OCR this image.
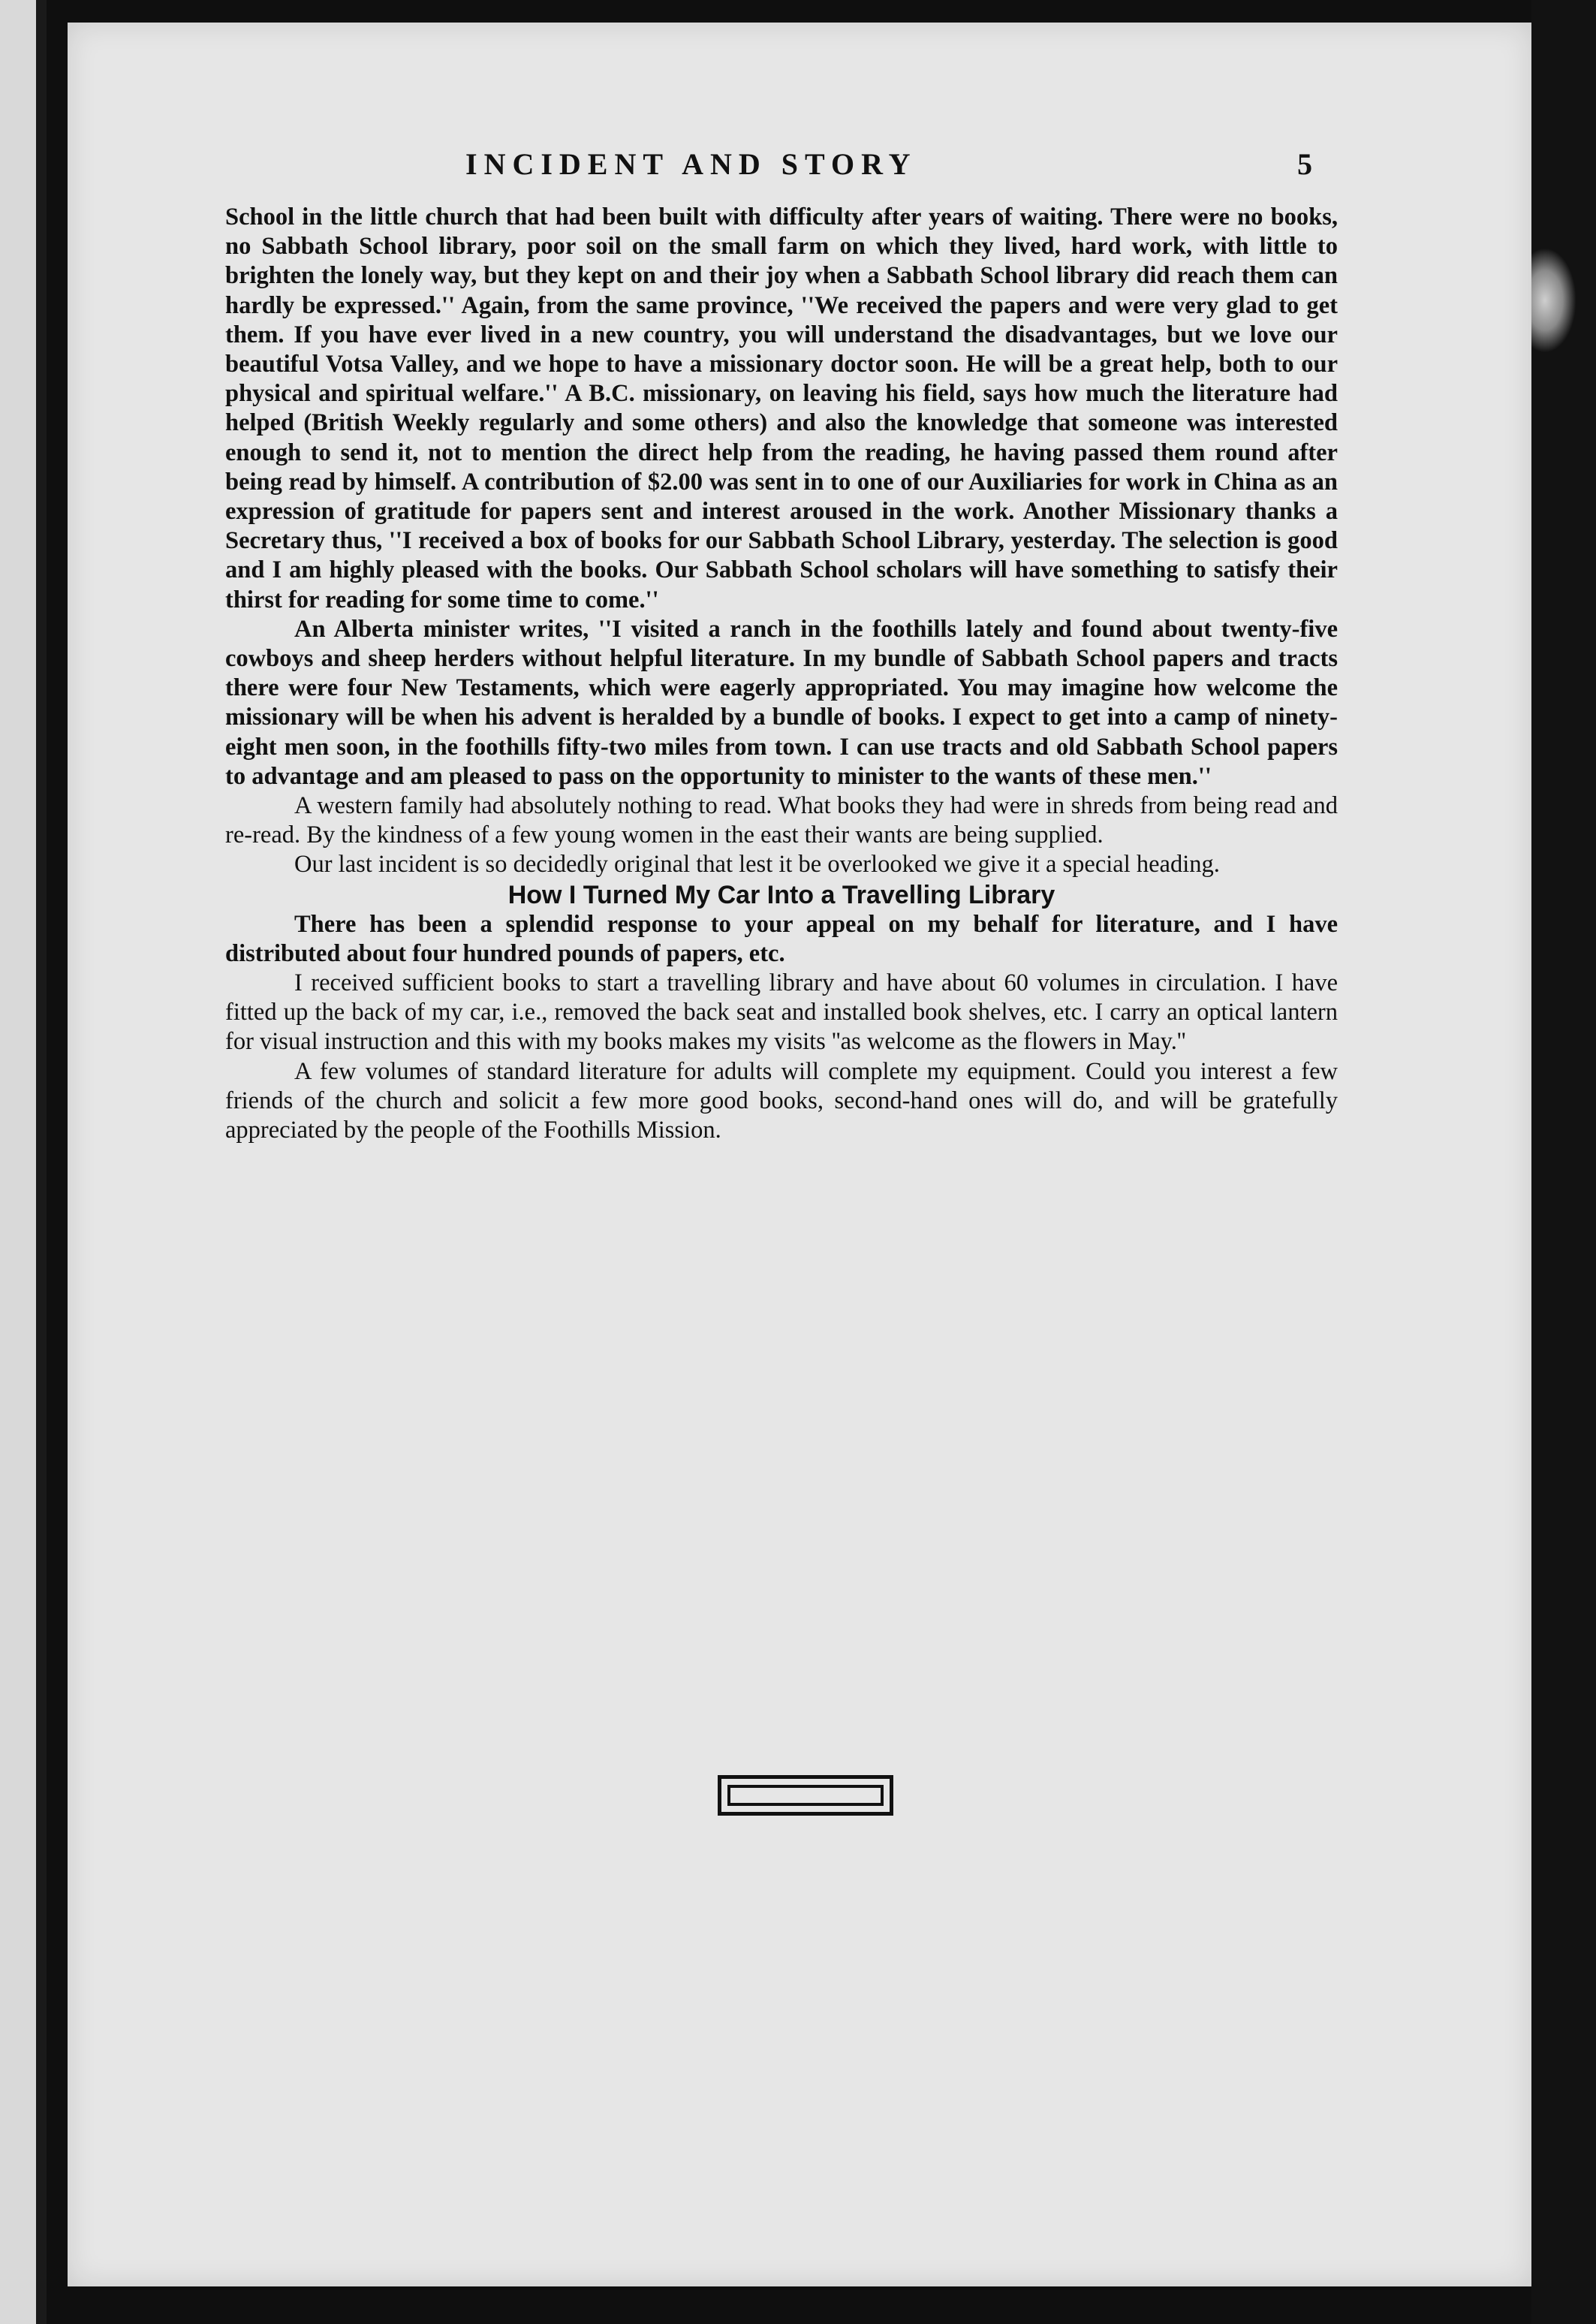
INCIDENT AND STORY	5

School in the little church that had been built with difficulty after years of waiting. There were no books, no Sabbath School library, poor soil on the small farm on which they lived, hard work, with little to brighten the lonely way, but they kept on and their joy when a Sabbath School library did reach them can hardly be expressed.'' Again, from the same province, ''We received the papers and were very glad to get them. If you have ever lived in a new country, you will understand the disadvantages, but we love our beautiful Votsa Valley, and we hope to have a missionary doctor soon. He will be a great help, both to our physical and spiritual welfare.'' A B.C. missionary, on leaving his field, says how much the literature had helped (British Weekly regularly and some others) and also the knowledge that someone was interested enough to send it, not to mention the direct help from the reading, he having passed them round after being read by himself. A contribution of $2.00 was sent in to one of our Auxiliaries for work in China as an expression of gratitude for papers sent and interest aroused in the work. Another Missionary thanks a Secretary thus, ''I received a box of books for our Sabbath School Library, yesterday. The selection is good and I am highly pleased with the books. Our Sabbath School scholars will have something to satisfy their thirst for reading for some time to come.''

An Alberta minister writes, ''I visited a ranch in the foothills lately and found about twenty-five cowboys and sheep herders without helpful literature. In my bundle of Sabbath School papers and tracts there were four New Testaments, which were eagerly appropriated. You may imagine how welcome the missionary will be when his advent is heralded by a bundle of books. I expect to get into a camp of ninety-eight men soon, in the foothills fifty-two miles from town. I can use tracts and old Sabbath School papers to advantage and am pleased to pass on the opportunity to minister to the wants of these men.''

A western family had absolutely nothing to read. What books they had were in shreds from being read and re-read. By the kindness of a few young women in the east their wants are being supplied.

Our last incident is so decidedly original that lest it be overlooked we give it a special heading.

How I Turned My Car Into a Travelling Library

There has been a splendid response to your appeal on my behalf for literature, and I have distributed about four hundred pounds of papers, etc.

I received sufficient books to start a travelling library and have about 60 volumes in circulation. I have fitted up the back of my car, i.e., removed the back seat and installed book shelves, etc. I carry an optical lantern for visual instruction and this with my books makes my visits ''as welcome as the flowers in May.''

A few volumes of standard literature for adults will complete my equipment. Could you interest a few friends of the church and solicit a few more good books, second-hand ones will do, and will be gratefully appreciated by the people of the Foothills Mission.
